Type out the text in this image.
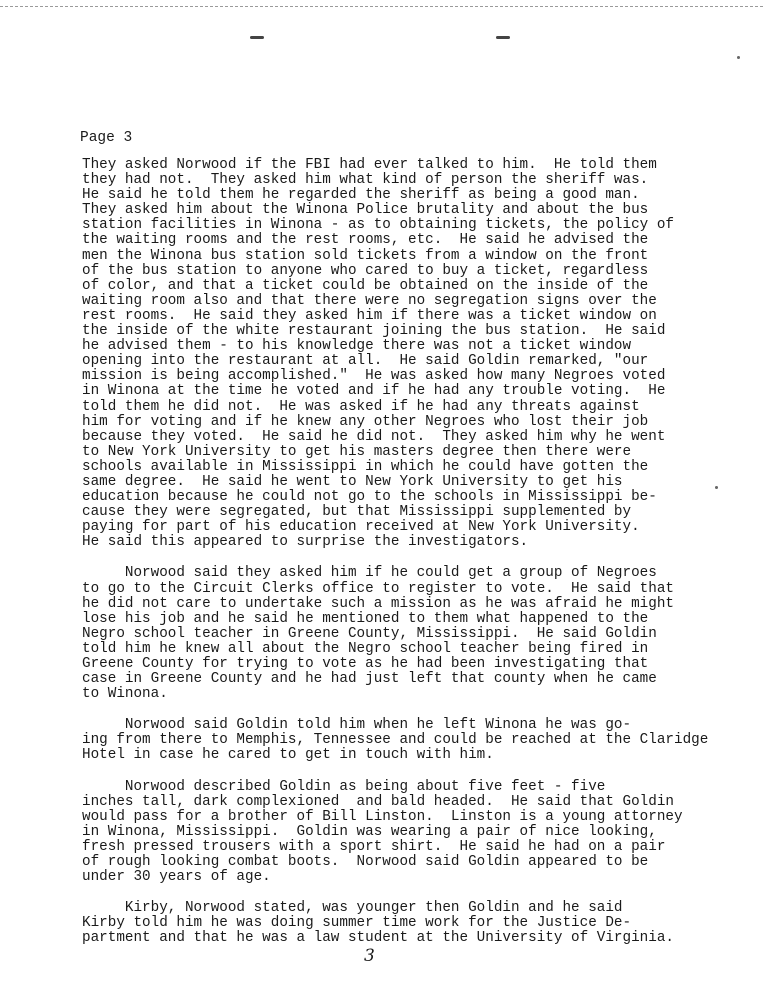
Page 3

They asked Norwood if the FBI had ever talked to him.  He told them
they had not.  They asked him what kind of person the sheriff was.
He said he told them he regarded the sheriff as being a good man.
They asked him about the Winona Police brutality and about the bus
station facilities in Winona - as to obtaining tickets, the policy of
the waiting rooms and the rest rooms, etc.  He said he advised the
men the Winona bus station sold tickets from a window on the front
of the bus station to anyone who cared to buy a ticket, regardless
of color, and that a ticket could be obtained on the inside of the
waiting room also and that there were no segregation signs over the
rest rooms.  He said they asked him if there was a ticket window on
the inside of the white restaurant joining the bus station.  He said
he advised them - to his knowledge there was not a ticket window
opening into the restaurant at all.  He said Goldin remarked, "our
mission is being accomplished."  He was asked how many Negroes voted
in Winona at the time he voted and if he had any trouble voting.  He
told them he did not.  He was asked if he had any threats against
him for voting and if he knew any other Negroes who lost their job
because they voted.  He said he did not.  They asked him why he went
to New York University to get his masters degree then there were
schools available in Mississippi in which he could have gotten the
same degree.  He said he went to New York University to get his
education because he could not go to the schools in Mississippi be-
cause they were segregated, but that Mississippi supplemented by
paying for part of his education received at New York University.
He said this appeared to surprise the investigators.

Norwood said they asked him if he could get a group of Negroes
to go to the Circuit Clerks office to register to vote.  He said that
he did not care to undertake such a mission as he was afraid he might
lose his job and he said he mentioned to them what happened to the
Negro school teacher in Greene County, Mississippi.  He said Goldin
told him he knew all about the Negro school teacher being fired in
Greene County for trying to vote as he had been investigating that
case in Greene County and he had just left that county when he came
to Winona.

Norwood said Goldin told him when he left Winona he was go-
ing from there to Memphis, Tennessee and could be reached at the Claridge
Hotel in case he cared to get in touch with him.

Norwood described Goldin as being about five feet - five
inches tall, dark complexioned  and bald headed.  He said that Goldin
would pass for a brother of Bill Linston.  Linston is a young attorney
in Winona, Mississippi.  Goldin was wearing a pair of nice looking,
fresh pressed trousers with a sport shirt.  He said he had on a pair
of rough looking combat boots.  Norwood said Goldin appeared to be
under 30 years of age.

Kirby, Norwood stated, was younger then Goldin and he said
Kirby told him he was doing summer time work for the Justice De-
partment and that he was a law student at the University of Virginia.

3
